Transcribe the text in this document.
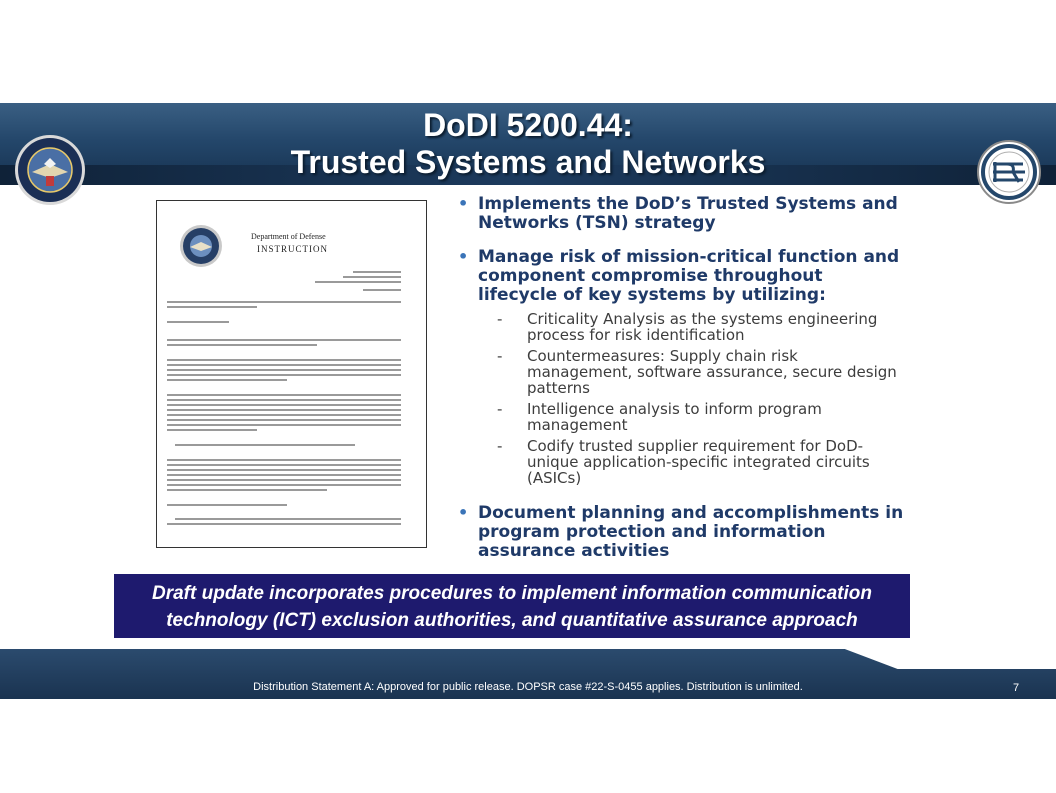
DoDI 5200.44:
Trusted Systems and Networks
Department of Defense
INSTRUCTION
• Implements the DoD’s Trusted Systems and Networks (TSN) strategy
• Manage risk of mission-critical function and component compromise throughout lifecycle of key systems by utilizing:
- Criticality Analysis as the systems engineering process for risk identification
- Countermeasures: Supply chain risk management, software assurance, secure design patterns
- Intelligence analysis to inform program management
- Codify trusted supplier requirement for DoD-unique application-specific integrated circuits (ASICs)
• Document planning and accomplishments in program protection and information assurance activities
Draft update incorporates procedures to implement information communication
technology (ICT) exclusion authorities, and quantitative assurance approach
Distribution Statement A: Approved for public release. DOPSR case #22-S-0455 applies. Distribution is unlimited.	7
